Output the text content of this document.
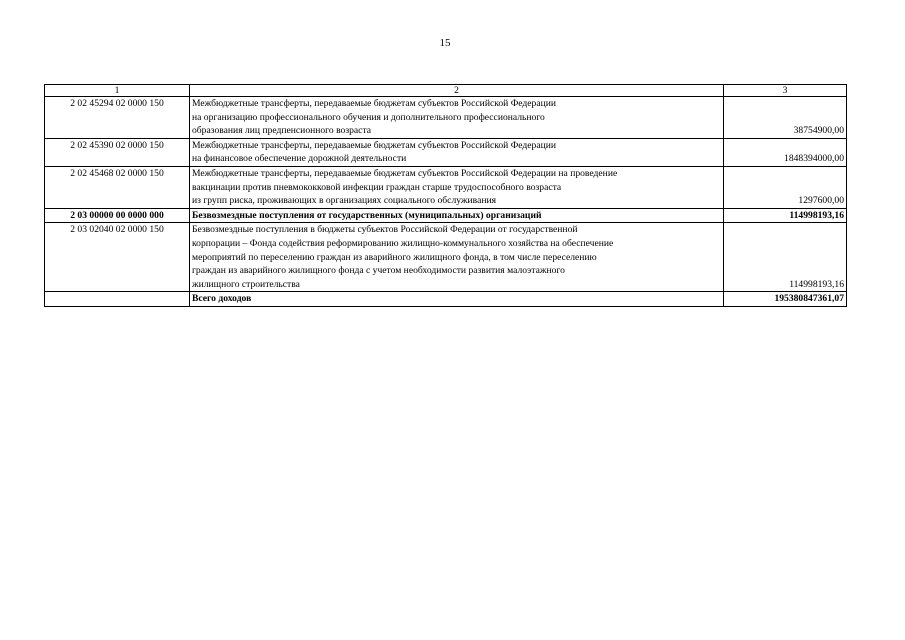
15
1	2	3
2 02 45294 02 0000 150	Межбюджетные трансферты, передаваемые бюджетам субъектов Российской Федерации
на организацию профессионального обучения и дополнительного профессионального
образования лиц предпенсионного возраста	38754900,00
2 02 45390 02 0000 150	Межбюджетные трансферты, передаваемые бюджетам субъектов Российской Федерации
на финансовое обеспечение дорожной деятельности	1848394000,00
2 02 45468 02 0000 150	Межбюджетные трансферты, передаваемые бюджетам субъектов Российской Федерации на проведение
вакцинации против пневмококковой инфекции граждан старше трудоспособного возраста
из групп риска, проживающих в организациях социального обслуживания	1297600,00
2 03 00000 00 0000 000	Безвозмездные поступления от государственных (муниципальных) организаций	114998193,16
2 03 02040 02 0000 150	Безвозмездные поступления в бюджеты субъектов Российской Федерации от государственной
корпорации – Фонда содействия реформированию жилищно-коммунального хозяйства на обеспечение
мероприятий по переселению граждан из аварийного жилищного фонда, в том числе переселению
граждан из аварийного жилищного фонда с учетом необходимости развития малоэтажного
жилищного строительства	114998193,16
	Всего доходов	195380847361,07
